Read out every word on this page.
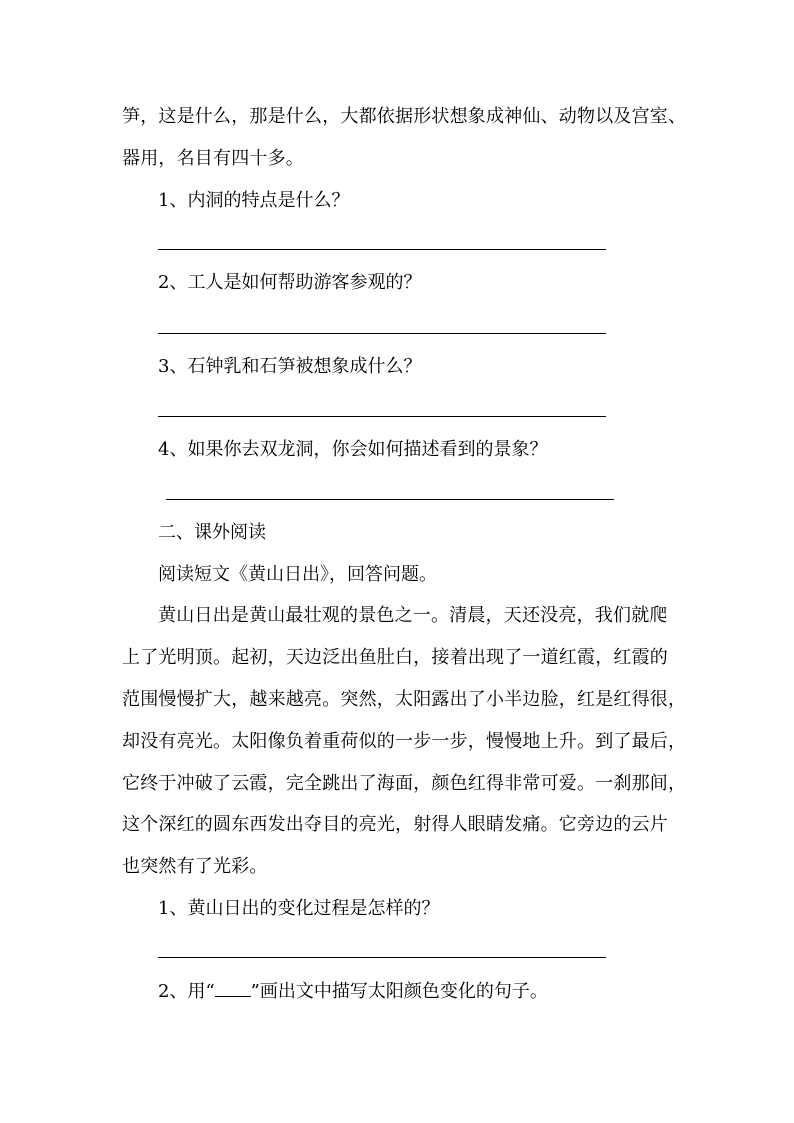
笋，这是什么，那是什么，大都依据形状想象成神仙、动物以及宫室、
器用，名目有四十多。
1、内洞的特点是什么？
2、工人是如何帮助游客参观的？
3、石钟乳和石笋被想象成什么？
4、如果你去双龙洞，你会如何描述看到的景象？
二、课外阅读
阅读短文《黄山日出》，回答问题。
黄山日出是黄山最壮观的景色之一。清晨，天还没亮，我们就爬
上了光明顶。起初，天边泛出鱼肚白，接着出现了一道红霞，红霞的
范围慢慢扩大，越来越亮。突然，太阳露出了小半边脸，红是红得很，
却没有亮光。太阳像负着重荷似的一步一步，慢慢地上升。到了最后，
它终于冲破了云霞，完全跳出了海面，颜色红得非常可爱。一刹那间，
这个深红的圆东西发出夺目的亮光，射得人眼睛发痛。它旁边的云片
也突然有了光彩。
1、黄山日出的变化过程是怎样的？
2、用“ ”画出文中描写太阳颜色变化的句子。
